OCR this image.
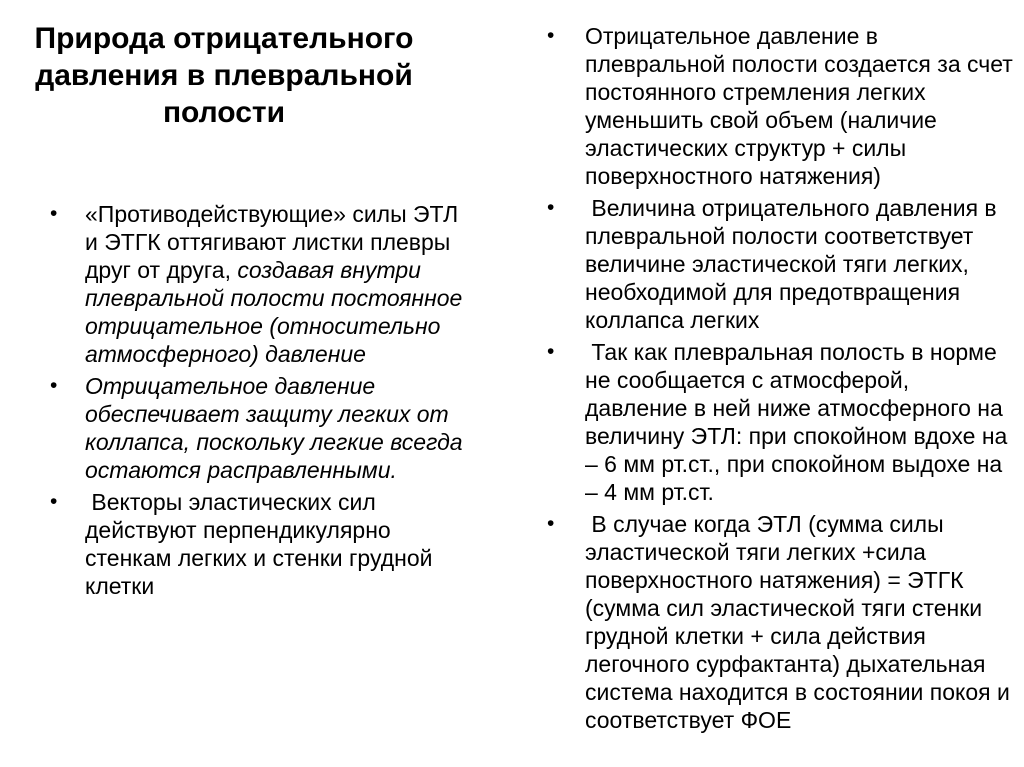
Природа отрицательного давления в плевральной полости
• «Противодействующие» силы ЭТЛ и ЭТГК оттягивают листки плевры друг от друга, создавая внутри плевральной полости постоянное отрицательное (относительно атмосферного) давление
• Отрицательное давление обеспечивает защиту легких от коллапса, поскольку легкие всегда остаются расправленными.
• Векторы эластических сил действуют перпендикулярно стенкам легких и стенки грудной клетки
• Отрицательное давление в плевральной полости создается за счет постоянного стремления легких уменьшить свой объем (наличие эластических структур + силы поверхностного натяжения)
• Величина отрицательного давления в плевральной полости соответствует величине эластической тяги легких, необходимой для предотвращения коллапса легких
• Так как плевральная полость в норме не сообщается с атмосферой, давление в ней ниже атмосферного на величину ЭТЛ: при спокойном вдохе на – 6 мм рт.ст., при спокойном выдохе на – 4 мм рт.ст.
• В случае когда ЭТЛ (сумма силы эластической тяги легких +сила поверхностного натяжения) = ЭТГК (сумма сил эластической тяги стенки грудной клетки + сила действия легочного сурфактанта) дыхательная система находится в состоянии покоя и соответствует ФОЕ
